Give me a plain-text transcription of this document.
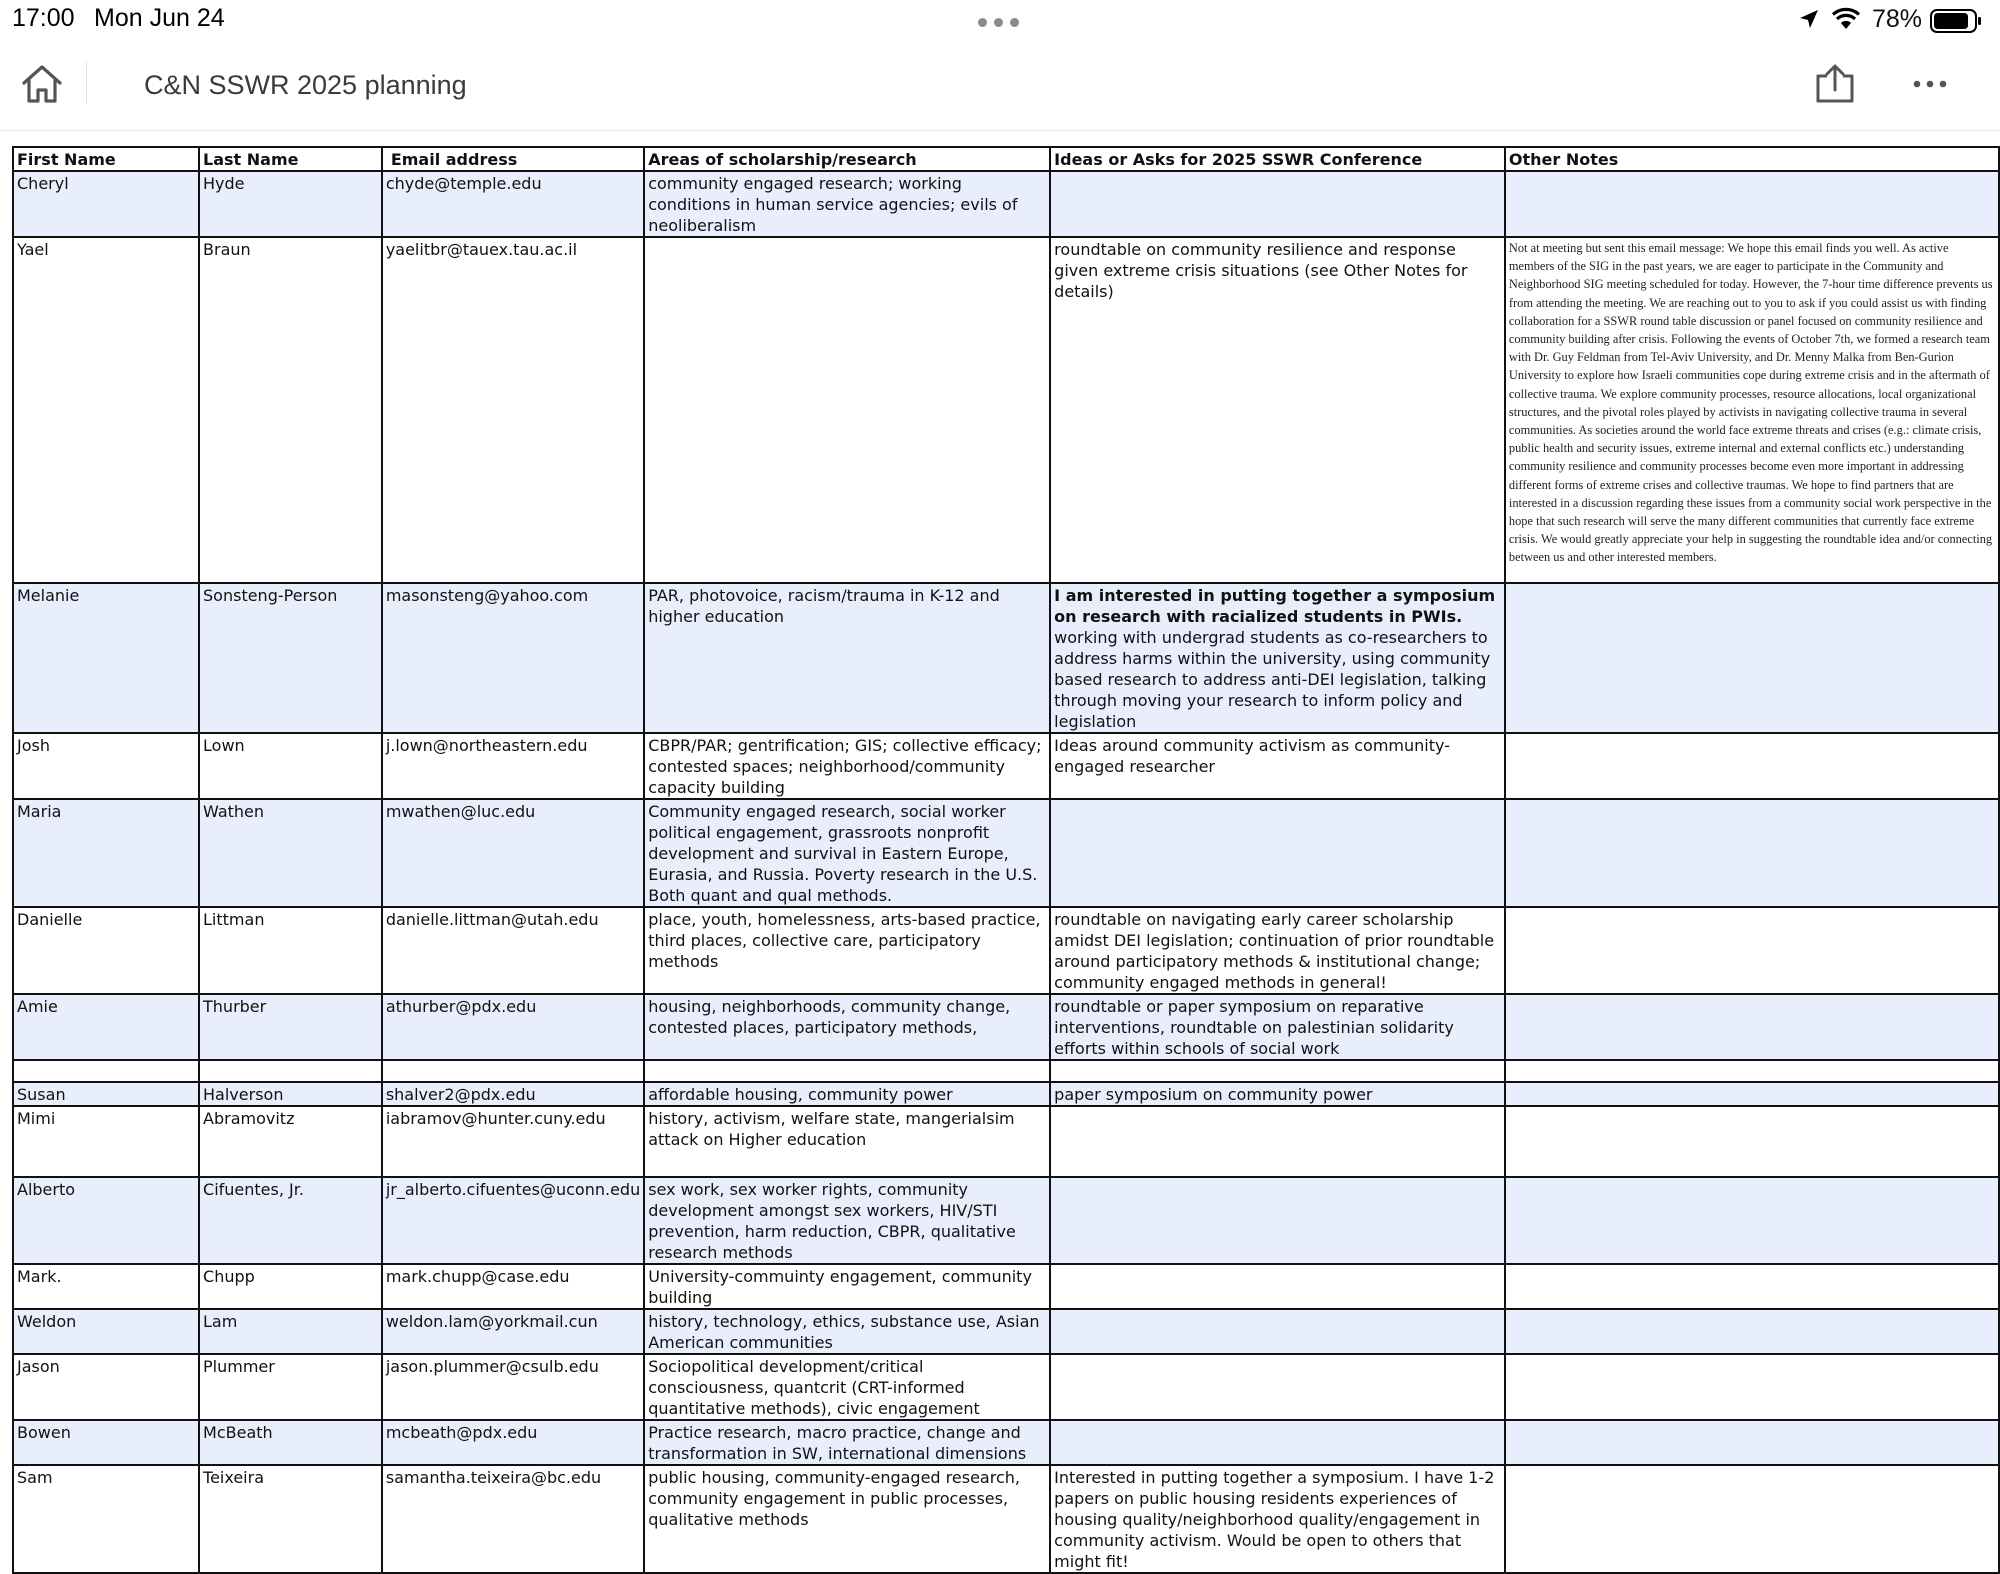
17:00 Mon Jun 24	78%
C&N SSWR 2025 planning
First Name	Last Name	Email address	Areas of scholarship/research	Ideas or Asks for 2025 SSWR Conference	Other Notes
Cheryl	Hyde	chyde@temple.edu	community engaged research; working conditions in human service agencies; evils of neoliberalism		
Yael	Braun	yaelitbr@tauex.tau.ac.il		roundtable on community resilience and response given extreme crisis situations (see Other Notes for details)	Not at meeting but sent this email message: We hope this email finds you well. As active members of the SIG in the past years, we are eager to participate in the Community and Neighborhood SIG meeting scheduled for today. However, the 7-hour time difference prevents us from attending the meeting. We are reaching out to you to ask if you could assist us with finding collaboration for a SSWR round table discussion or panel focused on community resilience and community building after crisis. Following the events of October 7th, we formed a research team with Dr. Guy Feldman from Tel-Aviv University, and Dr. Menny Malka from Ben-Gurion University to explore how Israeli communities cope during extreme crisis and in the aftermath of collective trauma. We explore community processes, resource allocations, local organizational structures, and the pivotal roles played by activists in navigating collective trauma in several communities. As societies around the world face extreme threats and crises (e.g.: climate crisis, public health and security issues, extreme internal and external conflicts etc.) understanding community resilience and community processes become even more important in addressing different forms of extreme crises and collective traumas. We hope to find partners that are interested in a discussion regarding these issues from a community social work perspective in the hope that such research will serve the many different communities that currently face extreme crisis. We would greatly appreciate your help in suggesting the roundtable idea and/or connecting between us and other interested members.
Melanie	Sonsteng-Person	masonsteng@yahoo.com	PAR, photovoice, racism/trauma in K-12 and higher education	I am interested in putting together a symposium on research with racialized students in PWIs. working with undergrad students as co-researchers to address harms within the university, using community based research to address anti-DEI legislation, talking through moving your research to inform policy and legislation	
Josh	Lown	j.lown@northeastern.edu	CBPR/PAR; gentrification; GIS; collective efficacy; contested spaces; neighborhood/community capacity building	Ideas around community activism as community-engaged researcher	
Maria	Wathen	mwathen@luc.edu	Community engaged research, social worker political engagement, grassroots nonprofit development and survival in Eastern Europe, Eurasia, and Russia. Poverty research in the U.S. Both quant and qual methods.		
Danielle	Littman	danielle.littman@utah.edu	place, youth, homelessness, arts-based practice, third places, collective care, participatory methods	roundtable on navigating early career scholarship amidst DEI legislation; continuation of prior roundtable around participatory methods & institutional change; community engaged methods in general!	
Amie	Thurber	athurber@pdx.edu	housing, neighborhoods, community change, contested places, participatory methods,	roundtable or paper symposium on reparative interventions, roundtable on palestinian solidarity efforts within schools of social work	

Susan	Halverson	shalver2@pdx.edu	affordable housing, community power	paper symposium on community power	
Mimi	Abramovitz	iabramov@hunter.cuny.edu	history, activism, welfare state, mangerialsim attack on Higher education		
Alberto	Cifuentes, Jr.	jr_alberto.cifuentes@uconn.edu	sex work, sex worker rights, community development amongst sex workers, HIV/STI prevention, harm reduction, CBPR, qualitative research methods		
Mark.	Chupp	mark.chupp@case.edu	University-commuinty engagement, community building		
Weldon	Lam	weldon.lam@yorkmail.cun	history, technology, ethics, substance use, Asian American communities		
Jason	Plummer	jason.plummer@csulb.edu	Sociopolitical development/critical consciousness, quantcrit (CRT-informed quantitative methods), civic engagement		
Bowen	McBeath	mcbeath@pdx.edu	Practice research, macro practice, change and transformation in SW, international dimensions		
Sam	Teixeira	samantha.teixeira@bc.edu	public housing, community-engaged research, community engagement in public processes, qualitative methods	Interested in putting together a symposium. I have 1-2 papers on public housing residents experiences of housing quality/neighborhood quality/engagement in community activism. Would be open to others that might fit!	
